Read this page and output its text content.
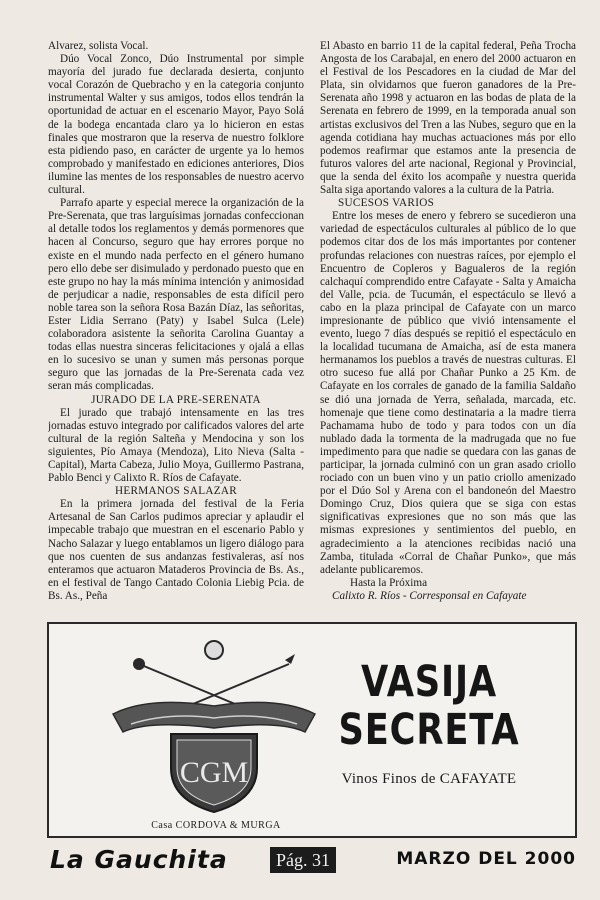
Alvarez, solista Vocal.

Dúo Vocal Zonco, Dúo Instrumental por simple mayoría del jurado fue declarada desierta, conjunto vocal Corazón de Quebracho y en la categoria conjunto instrumental Walter y sus amigos, todos ellos tendrán la oportunidad de actuar en el escenario Mayor, Payo Solá de la bodega encantada claro ya lo hicieron en estas finales que mostraron que la reserva de nuestro folklore esta pidiendo paso, en carácter de urgente ya lo hemos comprobado y manifestado en ediciones anteriores, Dios ilumine las mentes de los responsables de nuestro acervo cultural.

Parrafo aparte y especial merece la organización de la Pre-Serenata, que tras larguísimas jornadas confeccionan al detalle todos los reglamentos y demás pormenores que hacen al Concurso, seguro que hay errores porque no existe en el mundo nada perfecto en el género humano pero ello debe ser disimulado y perdonado puesto que en este grupo no hay la más mínima intención y animosidad de perjudicar a nadie, responsables de esta difícil pero noble tarea son la señora Rosa Bazán Díaz, las señoritas, Ester Lidia Serrano (Paty) y Isabel Sulca (Lele) colaboradora asistente la señorita Carolina Guantay a todas ellas nuestra sinceras felicitaciones y ojalá a ellas en lo sucesivo se unan y sumen más personas porque seguro que las jornadas de la Pre-Serenata cada vez seran más complicadas.

JURADO DE LA PRE-SERENATA

El jurado que trabajó intensamente en las tres jornadas estuvo integrado por calificados valores del arte cultural de la región Salteña y Mendocina y son los siguientes, Pío Amaya (Mendoza), Lito Nieva (Salta - Capital), Marta Cabeza, Julio Moya, Guillermo Pastrana, Pablo Benci y Calixto R. Ríos de Cafayate.

HERMANOS SALAZAR

En la primera jornada del festival de la Feria Artesanal de San Carlos pudimos apreciar y aplaudir el impecable trabajo que muestran en el escenario Pablo y Nacho Salazar y luego entablamos un ligero diálogo para que nos cuenten de sus andanzas festivaleras, así nos enteramos que actuaron Mataderos Provincia de Bs. As., en el festival de Tango Cantado Colonia Liebig Pcia. de Bs. As., Peña

El Abasto en barrio 11 de la capital federal, Peña Trocha Angosta de los Carabajal, en enero del 2000 actuaron en el Festival de los Pescadores en la ciudad de Mar del Plata, sin olvidarnos que fueron ganadores de la Pre-Serenata año 1998 y actuaron en las bodas de plata de la Serenata en febrero de 1999, en la temporada anual son artistas exclusivos del Tren a las Nubes, seguro que en la agenda cotidiana hay muchas actuaciones más por ello podemos reafirmar que estamos ante la presencia de futuros valores del arte nacional, Regional y Provincial, que la senda del éxito los acompañe y nuestra querida Salta siga aportando valores a la cultura de la Patria.

SUCESOS VARIOS

Entre los meses de enero y febrero se sucedieron una variedad de espectáculos culturales al público de lo que podemos citar dos de los más importantes por contener profundas relaciones con nuestras raíces, por ejemplo el Encuentro de Copleros y Bagualeros de la región calchaquí comprendido entre Cafayate - Salta y Amaicha del Valle, pcia. de Tucumán, el espectáculo se llevó a cabo en la plaza principal de Cafayate con un marco impresionante de público que vivió intensamente el evento, luego 7 días después se repitió el espectáculo en la localidad tucumana de Amaicha, así de esta manera hermanamos los pueblos a través de nuestras culturas. El otro suceso fue allá por Chañar Punko a 25 Km. de Cafayate en los corrales de ganado de la familia Saldaño se dió una jornada de Yerra, señalada, marcada, etc. homenaje que tiene como destinataria a la madre tierra Pachamama hubo de todo y para todos con un día nublado dada la tormenta de la madrugada que no fue impedimento para que nadie se quedara con las ganas de participar, la jornada culminó con un gran asado criollo rociado con un buen vino y un patio criollo amenizado por el Dúo Sol y Arena con el bandoneón del Maestro Domingo Cruz, Dios quiera que se siga con estas significativas expresiones que no son más que las mismas expresiones y sentimientos del pueblo, en agradecimiento a la atenciones recibidas nació una Zamba, titulada «Corral de Chañar Punko», que más adelante publicaremos.

Hasta la Próxima

Calixto R. Ríos - Corresponsal en Cafayate

CGM
Casa CORDOVA & MURGA
VASIJA
SECRETA
Vinos Finos de CAFAYATE
La Gauchita	Pág. 31	MARZO DEL 2000
